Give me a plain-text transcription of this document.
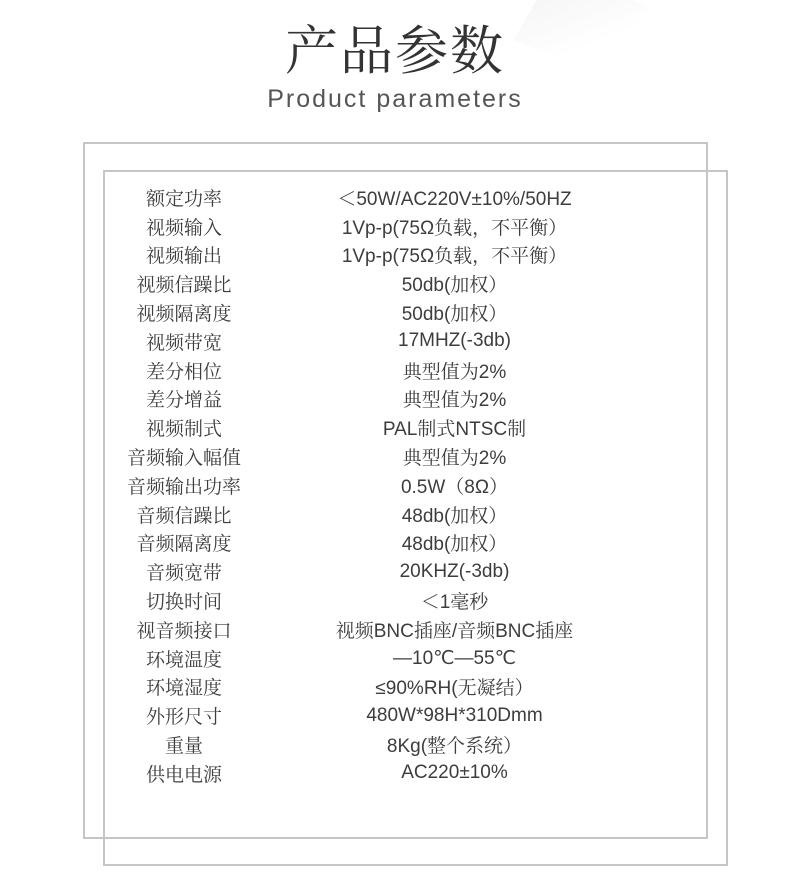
产品参数
Product parameters
额定功率	＜50W/AC220V±10%/50HZ
视频输入	1Vp-p(75Ω负载，不平衡）
视频输出	1Vp-p(75Ω负载，不平衡）
视频信躁比	50db(加权）
视频隔离度	50db(加权）
视频带宽	17MHZ(-3db)
差分相位	典型值为2%
差分增益	典型值为2%
视频制式	PAL制式NTSC制
音频输入幅值	典型值为2%
音频输出功率	0.5W（8Ω）
音频信躁比	48db(加权）
音频隔离度	48db(加权）
音频宽带	20KHZ(-3db)
切换时间	＜1毫秒
视音频接口	视频BNC插座/音频BNC插座
环境温度	—10℃—55℃
环境湿度	≤90%RH(无凝结）
外形尺寸	480W*98H*310Dmm
重量	8Kg(整个系统）
供电电源	AC220±10%
